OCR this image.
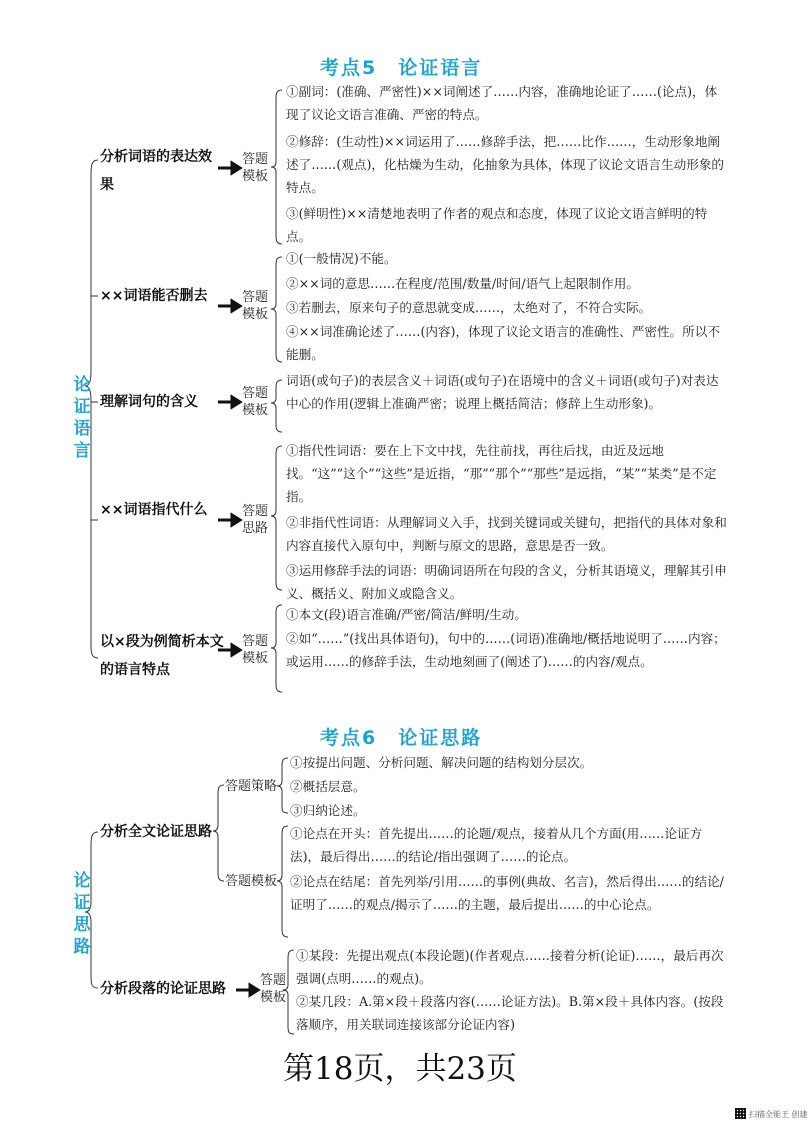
考点5　论证语言
论
证
语
言
分析词语的表达效果
答题
模板
①副词：(准确、严密性)××词阐述了……内容，准确地论证了……(论点)，体现了议论文语言准确、严密的特点。
②修辞：(生动性)××词运用了……修辞手法，把……比作……，生动形象地阐述了……(观点)，化枯燥为生动，化抽象为具体，体现了议论文语言生动形象的特点。
③(鲜明性)××清楚地表明了作者的观点和态度，体现了议论文语言鲜明的特点。
××词语能否删去	答题
模板
①(一般情况)不能。
②××词的意思……在程度/范围/数量/时间/语气上起限制作用。
③若删去，原来句子的意思就变成……，太绝对了，不符合实际。
④××词准确论述了……(内容)，体现了议论文语言的准确性、严密性。所以不能删。
理解词句的含义
答题
模板
词语(或句子)的表层含义＋词语(或句子)在语境中的含义＋词语(或句子)对表达中心的作用(逻辑上准确严密；说理上概括简洁；修辞上生动形象)。
××词语指代什么	答题
思路
①指代性词语：要在上下文中找，先往前找，再往后找，由近及远地找。“这”“这个”“这些”是近指，“那”“那个”“那些”是远指，“某”“某类”是不定指。
②非指代性词语：从理解词义入手，找到关键词或关键句，把指代的具体对象和内容直接代入原句中，判断与原文的思路，意思是否一致。
③运用修辞手法的词语：明确词语所在句段的含义，分析其语境义，理解其引申义、概括义、附加义或隐含义。
以×段为例简析本文的语言特点
答题
模板
①本文(段)语言准确/严密/简洁/鲜明/生动。
②如“……”(找出具体语句)，句中的……(词语)准确地/概括地说明了……内容；或运用……的修辞手法，生动地刻画了(阐述了)……的内容/观点。
考点6　论证思路
论
证
思
路
分析全文论证思路
答题策略
答题模板
①按提出问题、分析问题、解决问题的结构划分层次。
②概括层意。
③归纳论述。
①论点在开头：首先提出……的论题/观点，接着从几个方面(用……论证方法)，最后得出……的结论/指出强调了……的论点。
②论点在结尾：首先列举/引用……的事例(典故、名言)，然后得出……的结论/证明了……的观点/揭示了……的主题，最后提出……的中心论点。
分析段落的论证思路
答题
模板
①某段：先提出观点(本段论题)(作者观点……接着分析(论证)……，最后再次强调(点明……的观点)。
②某几段：A.第×段＋段落内容(……论证方法)。B.第×段＋具体内容。(按段落顺序，用关联词连接该部分论证内容)
第18页，共23页
扫描全能王 创建
